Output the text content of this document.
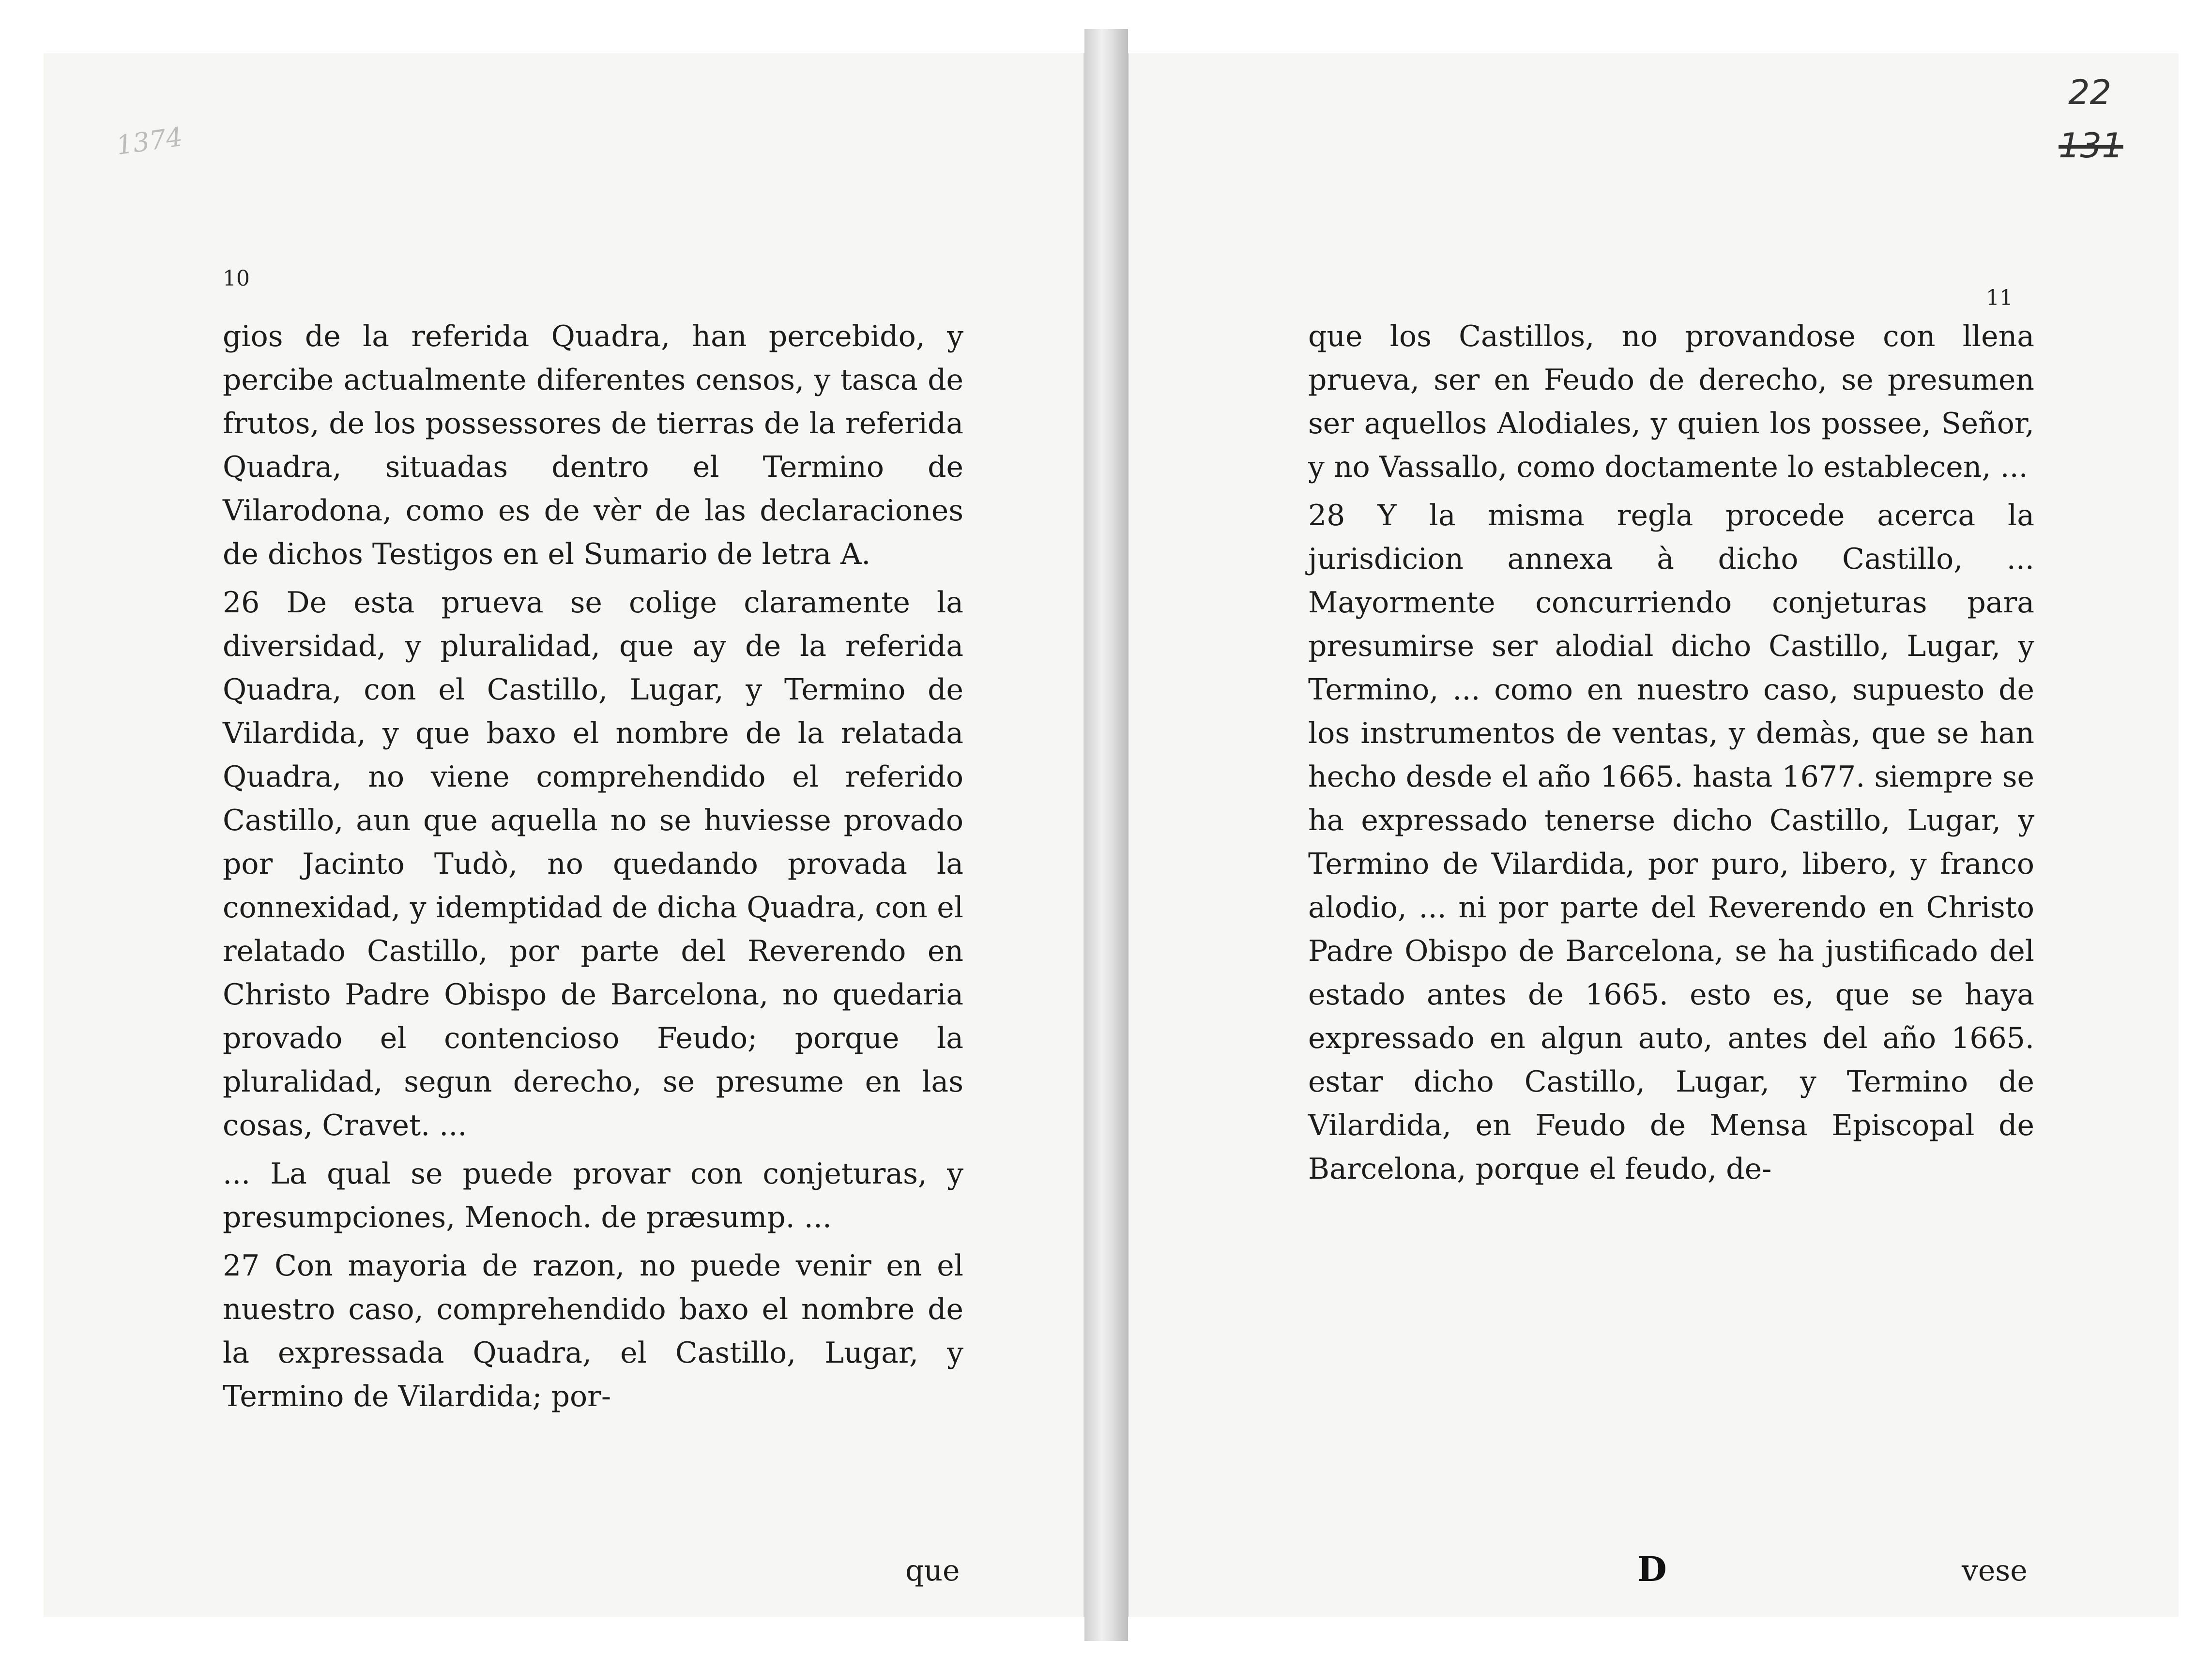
1374
10

gios de la referida Quadra, han percebido, y percibe actualmente diferentes censos, y tasca de frutos, de los possessores de tierras de la referida Quadra, situadas dentro el Termino de Vilarodona, como es de vèr de las declaraciones de dichos Testigos en el Sumario de letra A.

26 De esta prueva se colige claramente la diversidad, y pluralidad, que ay de la referida Quadra, con el Castillo, Lugar, y Termino de Vilardida, y que baxo el nombre de la relatada Quadra, no viene comprehendido el referido Castillo, aun que aquella no se huviesse provado por Jacinto Tudò, no quedando provada la connexidad, y idemptidad de dicha Quadra, con el relatado Castillo, por parte del Reverendo en Christo Padre Obispo de Barcelona, no quedaria provado el contencioso Feudo; porque la pluralidad, segun derecho, se presume en las cosas, Cravet. ...

... La qual se puede provar con conjeturas, y presumpciones, Menoch. de præsump. ...

27 Con mayoria de razon, no puede venir en el nuestro caso, comprehendido baxo el nombre de la expressada Quadra, el Castillo, Lugar, y Termino de Vilardida; por-

que
22
131
11

que los Castillos, no provandose con llena prueva, ser en Feudo de derecho, se presumen ser aquellos Alodiales, y quien los possee, Señor, y no Vassallo, como doctamente lo establecen, ...

28 Y la misma regla procede acerca la jurisdicion annexa à dicho Castillo, ... Mayormente concurriendo conjeturas para presumirse ser alodial dicho Castillo, Lugar, y Termino, ... como en nuestro caso, supuesto de los instrumentos de ventas, y demàs, que se han hecho desde el año 1665. hasta 1677. siempre se ha expressado tenerse dicho Castillo, Lugar, y Termino de Vilardida, por puro, libero, y franco alodio, ... ni por parte del Reverendo en Christo Padre Obispo de Barcelona, se ha justificado del estado antes de 1665. esto es, que se haya expressado en algun auto, antes del año 1665. estar dicho Castillo, Lugar, y Termino de Vilardida, en Feudo de Mensa Episcopal de Barcelona, porque el feudo, de-

D	vese
